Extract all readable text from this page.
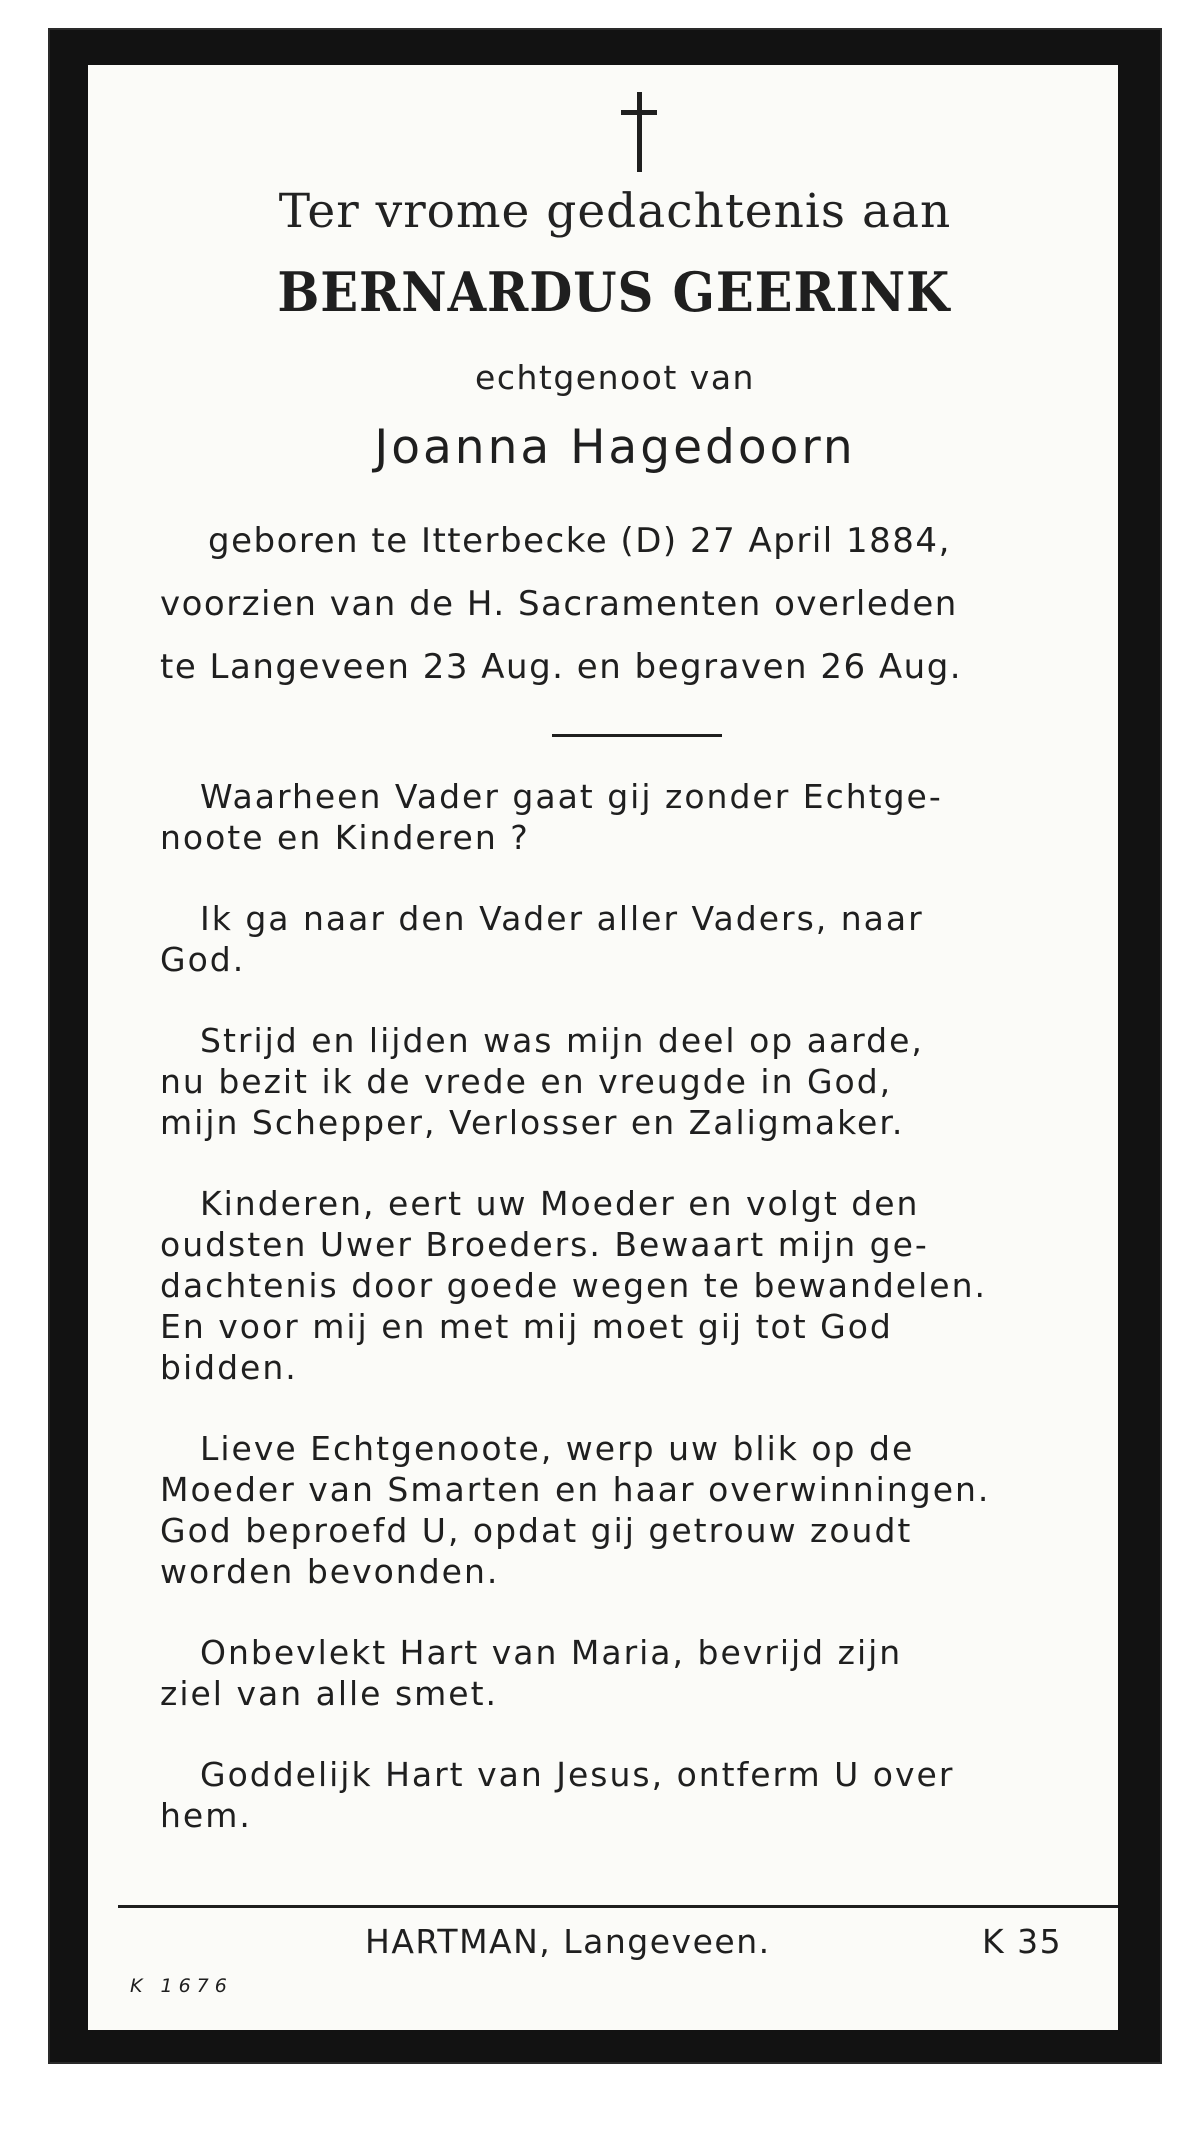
Ter vrome gedachtenis aan
BERNARDUS GEERINK
echtgenoot van
Joanna Hagedoorn
geboren te Itterbecke (D) 27 April 1884,
voorzien van de H. Sacramenten overleden
te Langeveen 23 Aug. en begraven 26 Aug.
Waarheen Vader gaat gij zonder Echtge-
noote en Kinderen ?
Ik ga naar den Vader aller Vaders, naar
God.
Strijd en lijden was mijn deel op aarde,
nu bezit ik de vrede en vreugde in God,
mijn Schepper, Verlosser en Zaligmaker.
Kinderen, eert uw Moeder en volgt den
oudsten Uwer Broeders. Bewaart mijn ge-
dachtenis door goede wegen te bewandelen.
En voor mij en met mij moet gij tot God
bidden.
Lieve Echtgenoote, werp uw blik op de
Moeder van Smarten en haar overwinningen.
God beproefd U, opdat gij getrouw zoudt
worden bevonden.
Onbevlekt Hart van Maria, bevrijd zijn
ziel van alle smet.
Goddelijk Hart van Jesus, ontferm U over
hem.
HARTMAN, Langeveen.	K 35
K 1676
